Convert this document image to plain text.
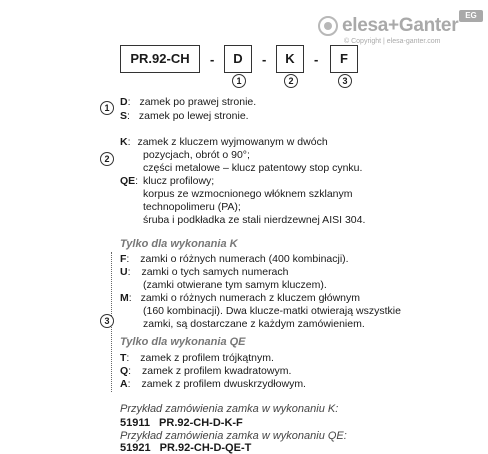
elesa+Ganter EG
© Copyright | elesa-ganter.com
PR.92-CH	-	D	-	K	-	F
1	2	3
1	D: zamek po prawej stronie.
S: zamek po lewej stronie.
2
K: zamek z kluczem wyjmowanym w dwóch
pozycjach, obrót o 90°;
części metalowe – klucz patentowy stop cynku.
QE: klucz profilowy;
korpus ze wzmocnionego włóknem szklanym
technopolimeru (PA);
śruba i podkładka ze stali nierdzewnej AISI 304.
3
Tylko dla wykonania K
F: zamki o różnych numerach (400 kombinacji).
U: zamki o tych samych numerach
(zamki otwierane tym samym kluczem).
M: zamki o różnych numerach z kluczem głównym
(160 kombinacji). Dwa klucze-matki otwierają wszystkie
zamki, są dostarczane z każdym zamówieniem.
Tylko dla wykonania QE
T: zamek z profilem trójkątnym.
Q: zamek z profilem kwadratowym.
A: zamek z profilem dwuskrzydłowym.
Przykład zamówienia zamka w wykonaniu K:
51911 PR.92-CH-D-K-F
Przykład zamówienia zamka w wykonaniu QE:
51921 PR.92-CH-D-QE-T
